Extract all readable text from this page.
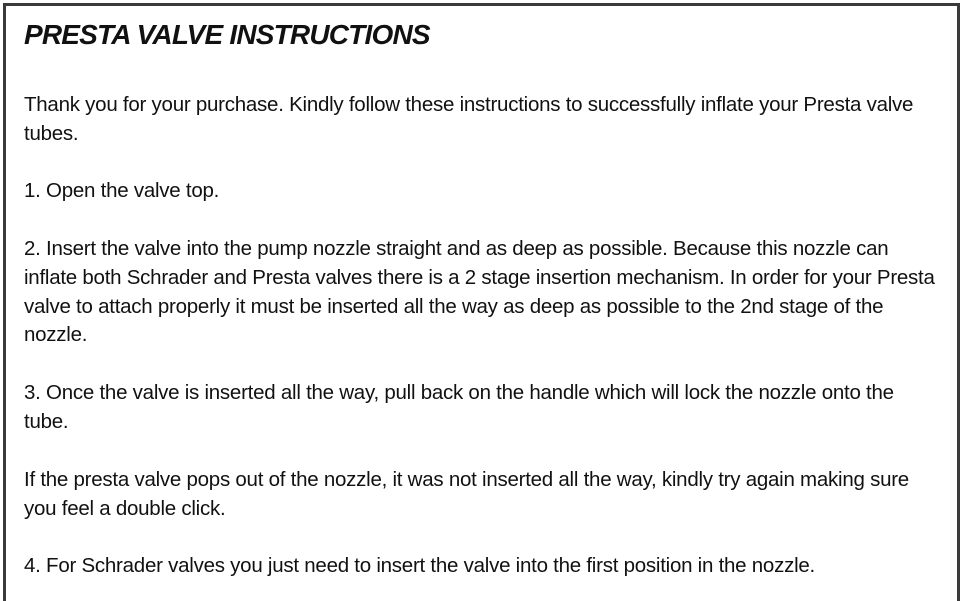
PRESTA VALVE INSTRUCTIONS

Thank you for your purchase. Kindly follow these instructions to successfully inflate your Presta valve tubes.

1. Open the valve top.

2. Insert the valve into the pump nozzle straight and as deep as possible. Because this nozzle can inflate both Schrader and Presta valves there is a 2 stage insertion mechanism. In order for your Presta valve to attach properly it must be inserted all the way as deep as possible to the 2nd stage of the nozzle.

3. Once the valve is inserted all the way, pull back on the handle which will lock the nozzle onto the tube.

If the presta valve pops out of the nozzle, it was not inserted all the way, kindly try again making sure you feel a double click.

4. For Schrader valves you just need to insert the valve into the first position in the nozzle.
